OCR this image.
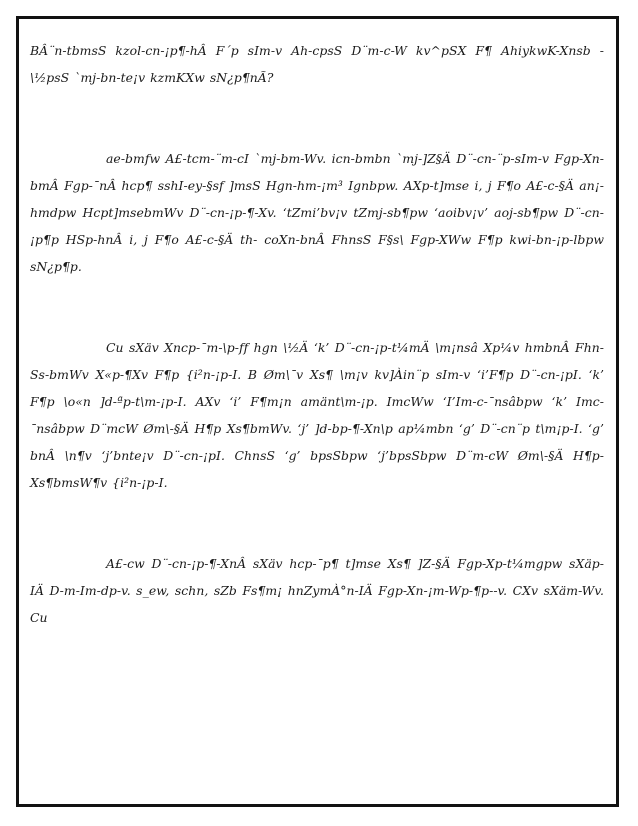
BÂ¨n-tbmsS kzol-cn-¡p¶-hÂ F´p sIm-v Ah-cpsS D¨m-c-W kv^pSX F¶ AhiykwK-Xnsb -\½psS `mj-bn-te¡v kzmKXw sN¿p¶nÃ?

ae-bmfw A£-tcm-¨m-cI `mj-bm-Wv. icn-bmbn `mj-]Z§Ä D¨-cn-¨p-sIm-v Fgp-Xn-bmÂ Fgp-¯nÂ hcp¶ sshI-ey-§sf ]msS Hgn-hm-¡m³ Ignbpw. AXp-t]mse i, j F¶o A£-c-§Ä an¡-hmdpw Hcpt]msebmWv D¨-cn-¡p-¶-Xv. ‘tZmi’bv¡v tZmj-sb¶pw ‘aoibv¡v’ aoj-sb¶pw D¨-cn-¡p¶p HSp-hnÂ i, j F¶o A£-c-§Ä th- coXn-bnÂ FhnsS F§s\ Fgp-XWw F¶p kwi-bn-¡p-lbpw sN¿p¶p.

Cu sXäv Xncp-¯m-\p-ff hgn \½Ä ‘k’ D¨-cn-¡p-t¼mÄ \m¡nsâ Xp¼v hmbnÂ Fhn-Ss-bmWv X«p-¶Xv F¶p {i²n-¡p-I. B Øm\¯v Xs¶ \m¡v kv]Àin¨p sIm-v ‘i’F¶p D¨-cn-¡pI. ‘k’ F¶p \o«n ]d-ªp-t\m-¡p-I. AXv ‘i’ F¶m¡n amänt\m-¡p. ImcWw ‘I’Im-c-¯nsâbpw ‘k’ Imc-¯nsâbpw D¨mcW Øm\-§Ä H¶p Xs¶bmWv. ‘j’ ]d-bp-¶-Xn\p ap¼mbn ‘g’ D¨-cn¨p t\m¡p-I. ‘g’ bnÂ \n¶v ‘j’bnte¡v D¨-cn-¡pI. ChnsS ‘g’ bpsSbpw ‘j’bpsSbpw D¨m-cW Øm\-§Ä H¶p-Xs¶bmsW¶v {i²n-¡p-I.

A£-cw D¨-cn-¡p-¶-XnÂ sXäv hcp-¯p¶ t]mse Xs¶ ]Z-§Ä Fgp-Xp-t¼mgpw sXäp-IÄ D-m-Im-dp-v. s_ew, schn, sZb Fs¶m¡ hnZymÀ°n-IÄ Fgp-Xn-¡m-Wp-¶p--v. CXv sXäm-Wv. Cu
